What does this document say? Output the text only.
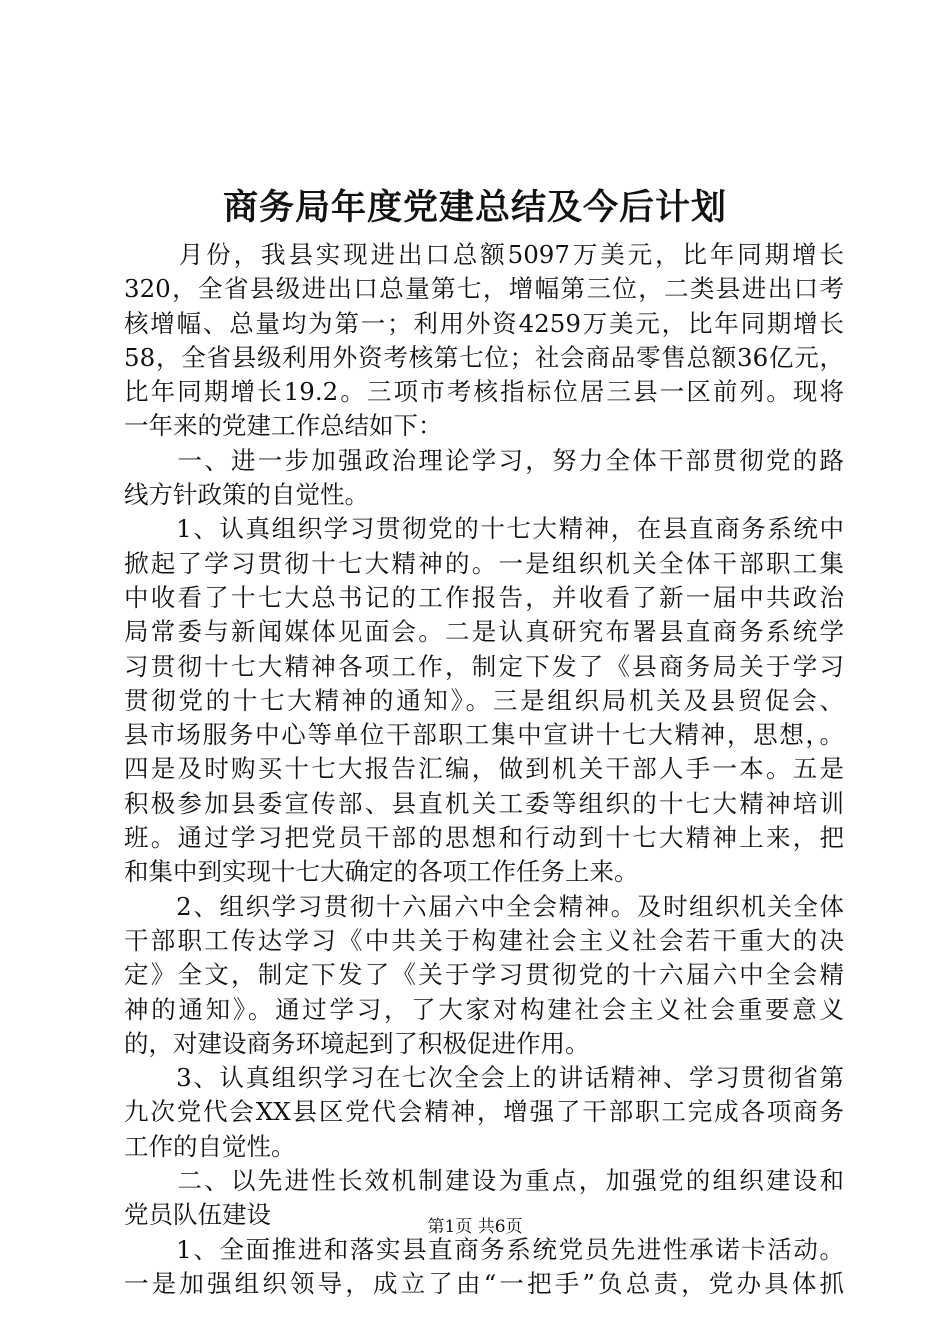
商务局年度党建总结及今后计划
　　月份，我县实现进出口总额5097万美元，比年同期增长
320，全省县级进出口总量第七，增幅第三位，二类县进出口考
核增幅、总量均为第一；利用外资4259万美元，比年同期增长
58，全省县级利用外资考核第七位；社会商品零售总额36亿元，
比年同期增长19.2。三项市考核指标位居三县一区前列。现将
一年来的党建工作总结如下：
　　一、进一步加强政治理论学习，努力全体干部贯彻党的路
线方针政策的自觉性。
　　1、认真组织学习贯彻党的十七大精神，在县直商务系统中
掀起了学习贯彻十七大精神的。一是组织机关全体干部职工集
中收看了十七大总书记的工作报告，并收看了新一届中共政治
局常委与新闻媒体见面会。二是认真研究布署县直商务系统学
习贯彻十七大精神各项工作，制定下发了《县商务局关于学习
贯彻党的十七大精神的通知》。三是组织局机关及县贸促会、
县市场服务中心等单位干部职工集中宣讲十七大精神，思想，。
四是及时购买十七大报告汇编，做到机关干部人手一本。五是
积极参加县委宣传部、县直机关工委等组织的十七大精神培训
班。通过学习把党员干部的思想和行动到十七大精神上来，把
和集中到实现十七大确定的各项工作任务上来。
　　2、组织学习贯彻十六届六中全会精神。及时组织机关全体
干部职工传达学习《中共关于构建社会主义社会若干重大的决
定》全文，制定下发了《关于学习贯彻党的十六届六中全会精
神的通知》。通过学习，了大家对构建社会主义社会重要意义
的，对建设商务环境起到了积极促进作用。
　　3、认真组织学习在七次全会上的讲话精神、学习贯彻省第
九次党代会XX县区党代会精神，增强了干部职工完成各项商务
工作的自觉性。
　　二、以先进性长效机制建设为重点，加强党的组织建设和
党员队伍建设
　　1、全面推进和落实县直商务系统党员先进性承诺卡活动。
一是加强组织领导，成立了由“一把手”负总责，党办具体抓
第1页 共6页
